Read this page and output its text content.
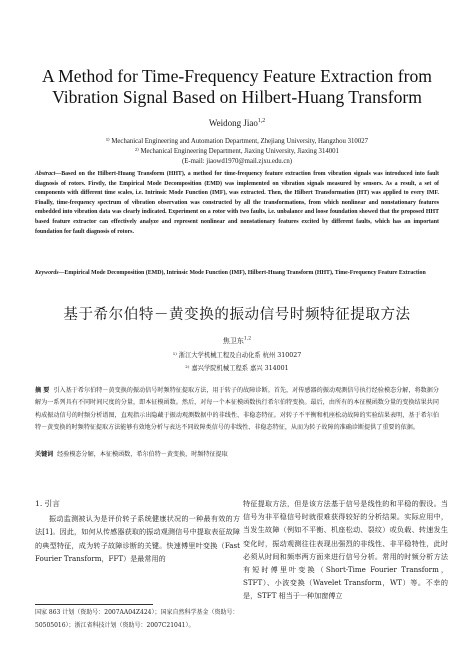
A Method for Time-Frequency Feature Extraction from
Vibration Signal Based on Hilbert-Huang Transform
Weidong Jiao$^{1,2}$
¹⁾ Mechanical Engineering and Automation Department, Zhejiang University, Hangzhou 310027
²⁾ Mechanical Engineering Department, Jiaxing University, Jiaxing 314001
(E-mail: jiaowd1970@mail.zjxu.edu.cn)
Abstract—Based on the Hilbert-Huang Transform (HHT), a method for time-frequency feature extraction from vibration signals was introduced into fault diagnosis of rotors. Firstly, the Empirical Mode Decomposition (EMD) was implemented on vibration signals measured by sensors. As a result, a set of components with different time scales, i.e. Intrinsic Mode Function (IMF), was extracted. Then, the Hilbert Transformation (HT) was applied to every IMF. Finally, time-frequency spectrum of vibration observation was constructed by all the transformations, from which nonlinear and nonstationary features embedded into vibration data was clearly indicated. Experiment on a rotor with two faults, i.e. unbalance and loose foundation showed that the proposed HHT based feature extractor can effectively analyze and represent nonlinear and nonstationary features excited by different faults, which has an important foundation for fault diagnosis of rotors.
Keywords—Empirical Mode Decomposition (EMD), Intrinsic Mode Function (IMF), Hilbert-Huang Transform (HHT), Time-Frequency Feature Extraction
基于希尔伯特－黄变换的振动信号时频特征提取方法
焦卫东$^{1,2}$
¹⁾ 浙江大学机械工程及自动化系 杭州 310027
²⁾ 嘉兴学院机械工程系 嘉兴 314001
摘 要 引入基于希尔伯特－黄变换的振动信号时频特征提取方法，用于转子的故障诊断。首先，对传感器的振动观测信号执行经验模态分解，将数据分解为一系列具有不同时间尺度的分量，即本征模函数。然后，对每一个本征模函数执行希尔伯特变换。最后，由所有的本征模函数分量的变换结果共同构成振动信号的时频分析谱图，直观指示出隐藏于振动观测数据中的非线性、非稳态特征。对转子不平衡和机座松动故障的实验结果表明，基于希尔伯特－黄变换的时频特征提取方法能够有效地分析与表达不同故障类信号的非线性、非稳态特征，从而为转子故障的准确诊断提供了重要的依据。
关键词 经验模态分解，本征模函数，希尔伯特－黄变换，时频特征提取
1. 引言
振动监测被认为是评价转子系统健康状况的一种最有效的方法[1]。因此，如何从传感器获取的振动观测信号中提取表征故障的典型特征，成为转子故障诊断的关键。快速傅里叶变换（Fast Fourier Transform，FFT）是最常用的
特征提取方法，但是该方法基于信号是线性的和平稳的假设。当信号为非平稳信号时就很难获得较好的分析结果。实际应用中，当发生故障（例如不平衡、机座松动、裂纹）或负载、转速发生变化时，振动观测往往表现出强烈的非线性、非平稳特性，此时必须从时间和频率两方面来进行信号分析。常用的时频分析方法有短时傅里叶变换（Short-Time Fourier Transform，STFT）、小波变换（Wavelet Transform，WT）等。不幸的是，STFT 相当于一种加窗傅立
国家 863 计划（资助号：2007AA04Z424）；国家自然科学基金（资助号：50505016）；浙江省科技计划（资助号：2007C21041）。
